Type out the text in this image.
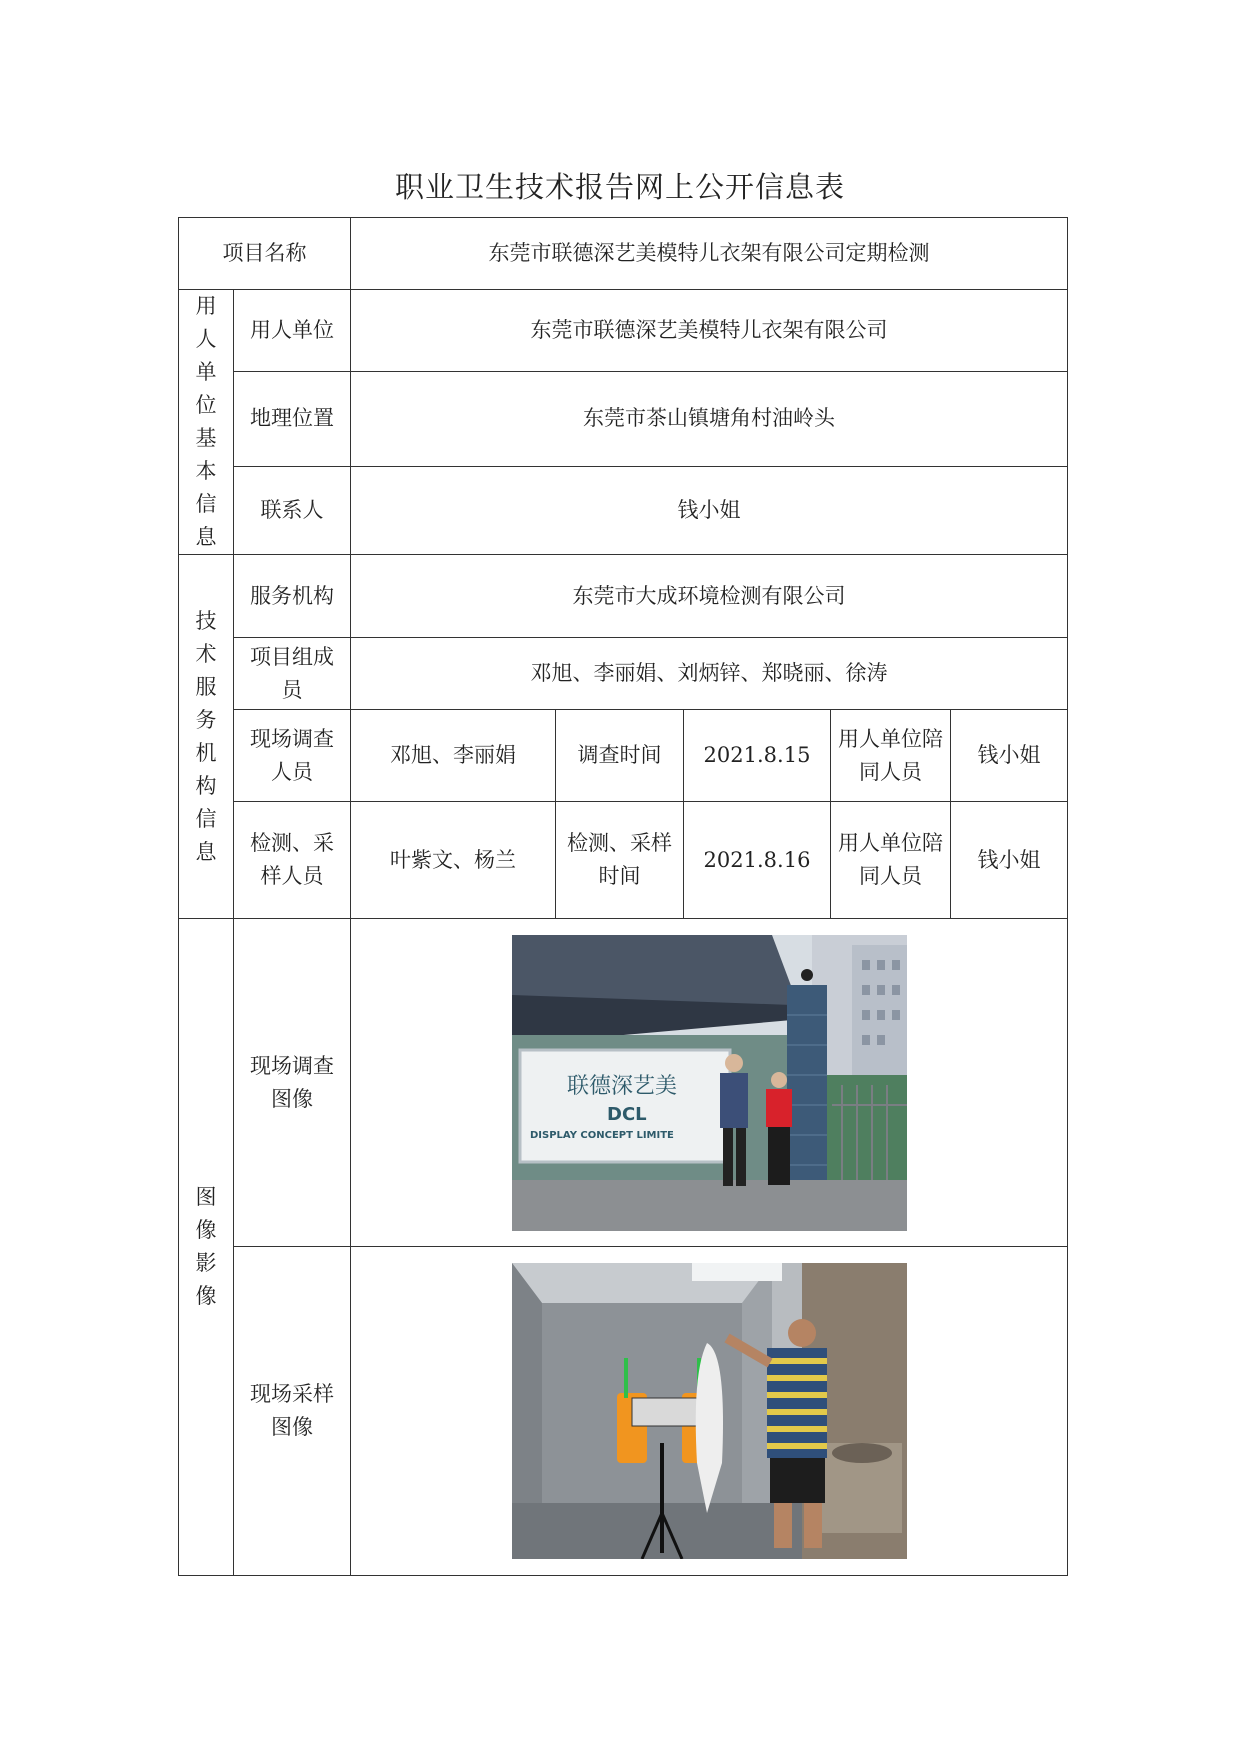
职业卫生技术报告网上公开信息表
项目名称		东莞市联德深艺美模特儿衣架有限公司定期检测				
用人单位基本信息	用人单位	东莞市联德深艺美模特儿衣架有限公司				
	地理位置	东莞市茶山镇塘角村油岭头				
	联系人	钱小姐				
技术服务机构信息	服务机构	东莞市大成环境检测有限公司				
	项目组成员	邓旭、李丽娟、刘炳锌、郑晓丽、徐涛				
	现场调查人员	邓旭、李丽娟	调查时间	2021.8.15	用人单位陪同人员	钱小姐
	检测、采样人员	叶紫文、杨兰	检测、采样时间	2021.8.16	用人单位陪同人员	钱小姐
图像影像	现场调查图像	联德深艺美
DCL
DISPLAY CONCEPT LIMITE				

	现场采样图像	
